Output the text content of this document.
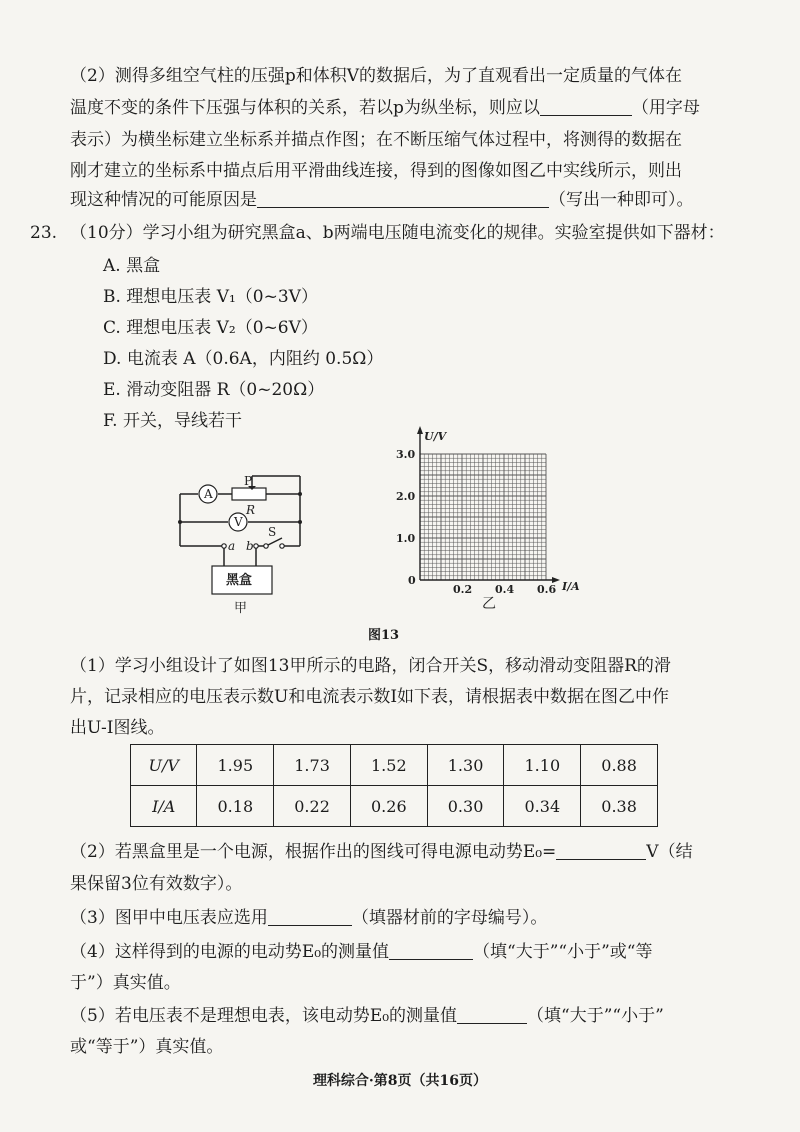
（2）测得多组空气柱的压强p和体积V的数据后，为了直观看出一定质量的气体在
温度不变的条件下压强与体积的关系，若以p为纵坐标，则应以	（用字母
表示）为横坐标建立坐标系并描点作图；在不断压缩气体过程中，将测得的数据在
刚才建立的坐标系中描点后用平滑曲线连接，得到的图像如图乙中实线所示，则出
现这种情况的可能原因是	（写出一种即可）。
23. （10分）学习小组为研究黑盒a、b两端电压随电流变化的规律。实验室提供如下器材：
A. 黑盒
B. 理想电压表 V₁（0~3V）
C. 理想电压表 V₂（0~6V）
D. 电流表 A（0.6A，内阻约 0.5Ω）
E. 滑动变阻器 R（0~20Ω）
F. 开关，导线若干
A
V
P
R
S
a b
黑盒
甲
1.0
2.0
3.0
0.2 0.4 0.6
U/V
I/A
0
乙
图13
（1）学习小组设计了如图13甲所示的电路，闭合开关S，移动滑动变阻器R的滑
片，记录相应的电压表示数U和电流表示数I如下表，请根据表中数据在图乙中作
出U-I图线。
U/V	1.95	1.73	1.52	1.30	1.10	0.88
I/A	0.18	0.22	0.26	0.30	0.34	0.38
（2）若黑盒里是一个电源，根据作出的图线可得电源电动势E₀=	V（结
果保留3位有效数字）。
（3）图甲中电压表应选用	（填器材前的字母编号）。
（4）这样得到的电源的电动势E₀的测量值	（填“大于”“小于”或“等
于”）真实值。
（5）若电压表不是理想电表，该电动势E₀的测量值	（填“大于”“小于”
或“等于”）真实值。
理科综合·第8页（共16页）
